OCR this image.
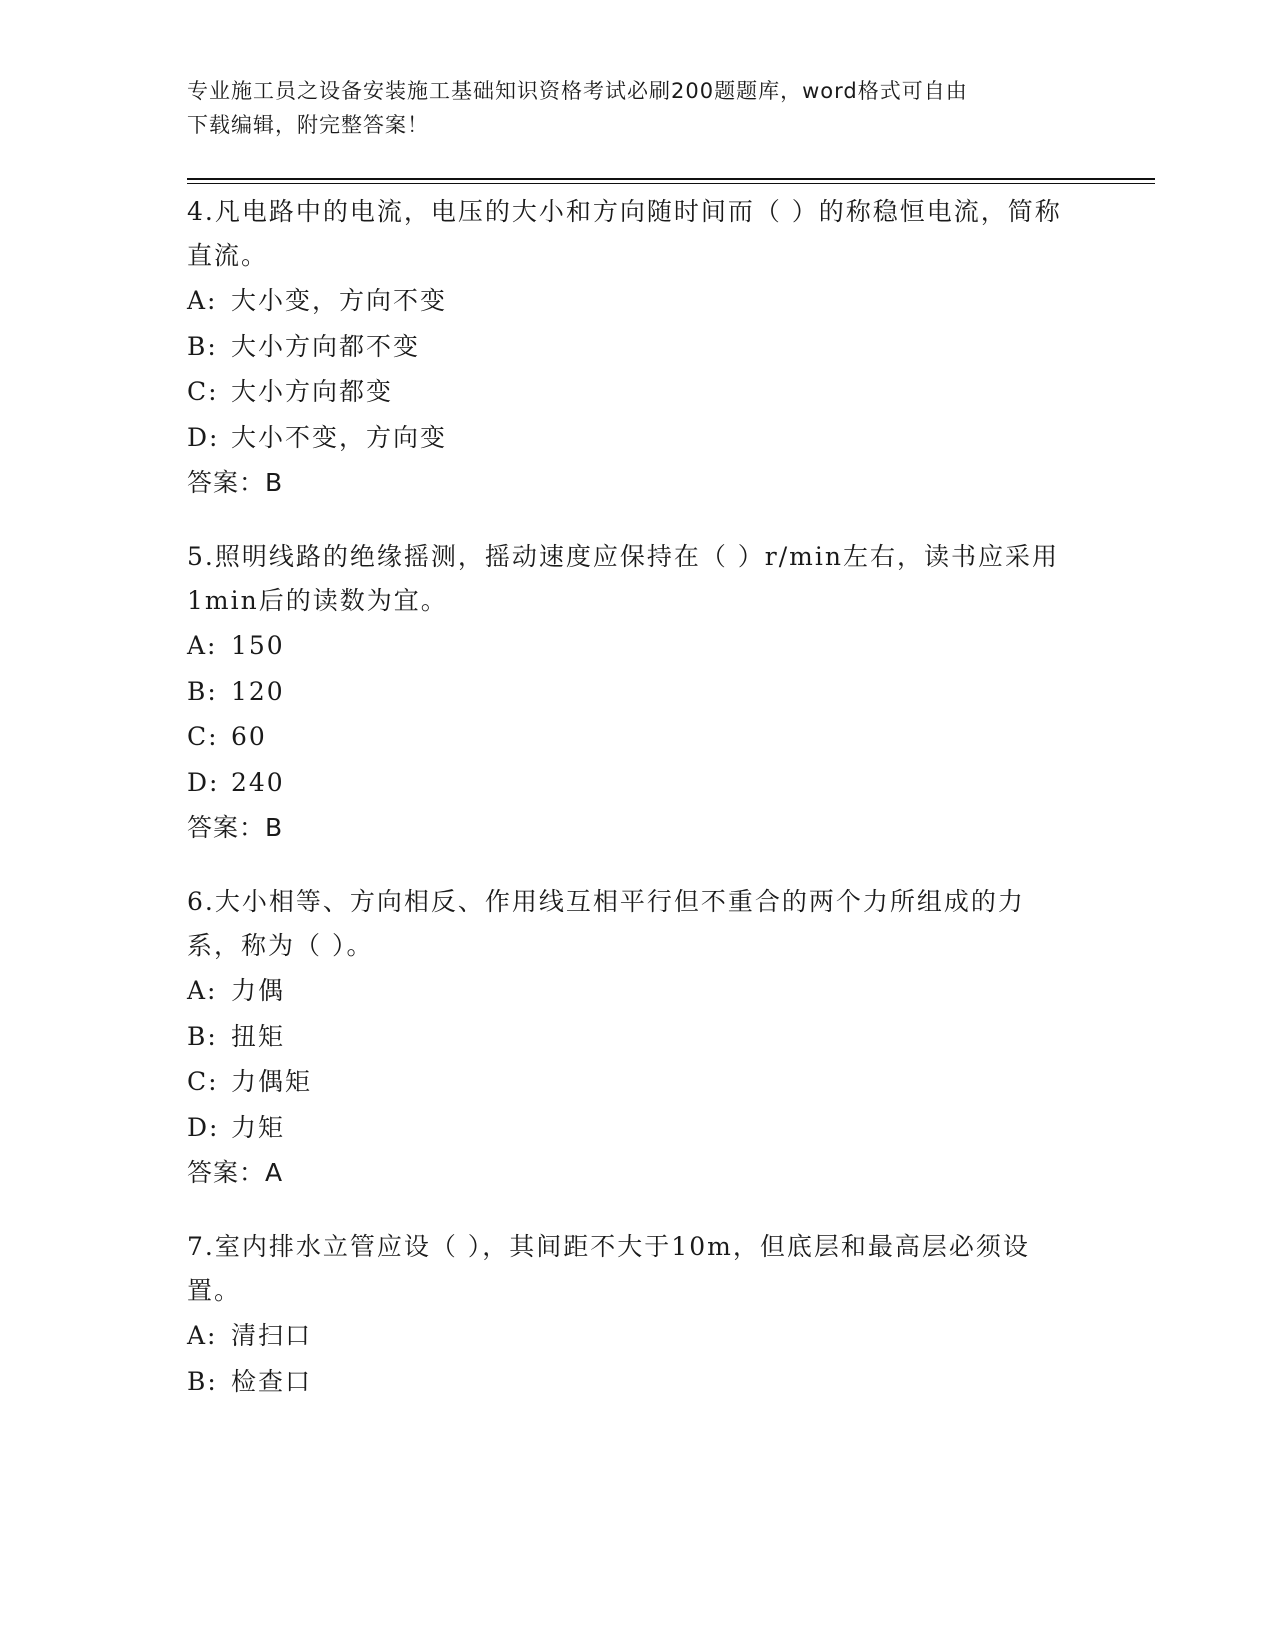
专业施工员之设备安装施工基础知识资格考试必刷200题题库，word格式可自由
下载编辑，附完整答案！

4.凡电路中的电流，电压的大小和方向随时间而（ ）的称稳恒电流，简称直流。

A: 大小变，方向不变
B: 大小方向都不变
C: 大小方向都变
D: 大小不变，方向变
答案：B

5.照明线路的绝缘摇测，摇动速度应保持在（ ）r/min左右，读书应采用1min后的读数为宜。

A: 150
B: 120
C: 60
D: 240
答案：B

6.大小相等、方向相反、作用线互相平行但不重合的两个力所组成的力系，称为（ ）。

A: 力偶
B: 扭矩
C: 力偶矩
D: 力矩
答案：A

7.室内排水立管应设（ ），其间距不大于10m，但底层和最高层必须设置。

A: 清扫口
B: 检查口
